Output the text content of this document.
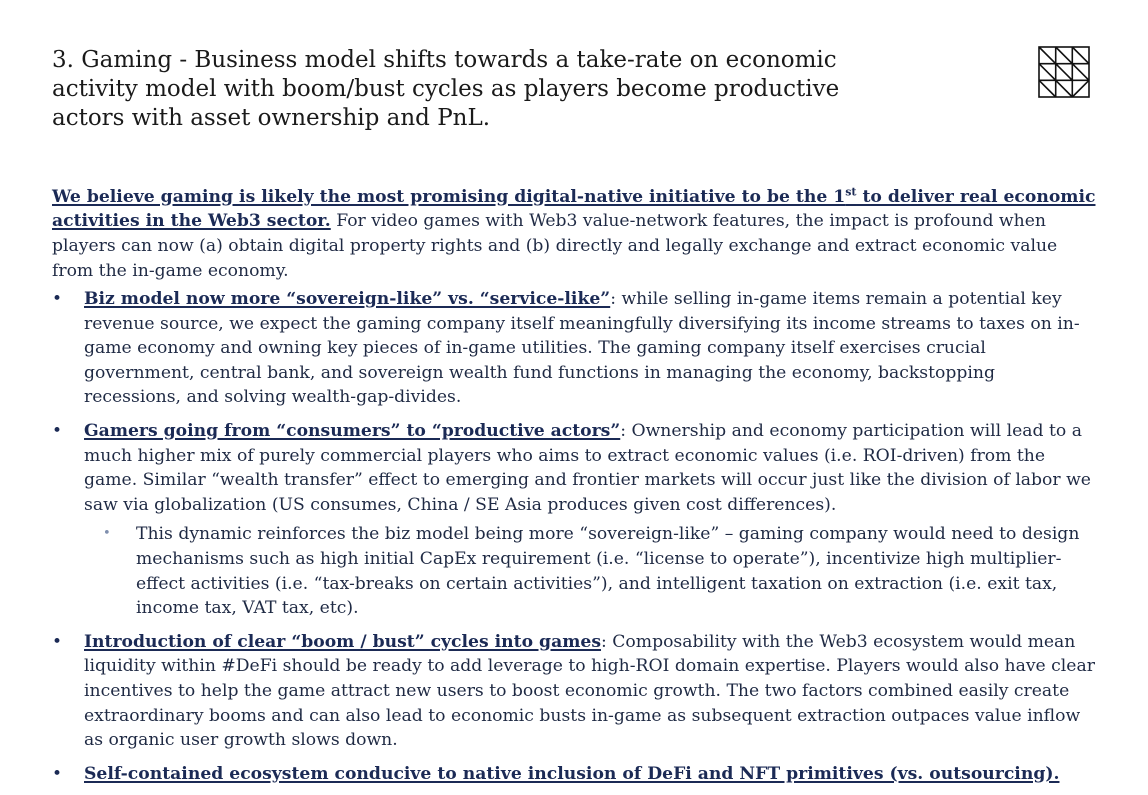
3. Gaming - Business model shifts towards a take-rate on economic activity model with boom/bust cycles as players become productive actors with asset ownership and PnL.

We believe gaming is likely the most promising digital-native initiative to be the 1st to deliver real economic activities in the Web3 sector. For video games with Web3 value-network features, the impact is profound when players can now (a) obtain digital property rights and (b) directly and legally exchange and extract economic value from the in-game economy.

• Biz model now more “sovereign-like” vs. “service-like”: while selling in-game items remain a potential key revenue source, we expect the gaming company itself meaningfully diversifying its income streams to taxes on in-game economy and owning key pieces of in-game utilities. The gaming company itself exercises crucial government, central bank, and sovereign wealth fund functions in managing the economy, backstopping recessions, and solving wealth-gap-divides.
• Gamers going from “consumers” to “productive actors”: Ownership and economy participation will lead to a much higher mix of purely commercial players who aims to extract economic values (i.e. ROI-driven) from the game. Similar “wealth transfer” effect to emerging and frontier markets will occur just like the division of labor we saw via globalization (US consumes, China / SE Asia produces given cost differences).
• This dynamic reinforces the biz model being more “sovereign-like” – gaming company would need to design mechanisms such as high initial CapEx requirement (i.e. “license to operate”), incentivize high multiplier-effect activities (i.e. “tax-breaks on certain activities”), and intelligent taxation on extraction (i.e. exit tax, income tax, VAT tax, etc).
• Introduction of clear “boom / bust” cycles into games: Composability with the Web3 ecosystem would mean liquidity within #DeFi should be ready to add leverage to high-ROI domain expertise. Players would also have clear incentives to help the game attract new users to boost economic growth. The two factors combined easily create extraordinary booms and can also lead to economic busts in-game as subsequent extraction outpaces value inflow as organic user growth slows down.
• Self-contained ecosystem conducive to native inclusion of DeFi and NFT primitives (vs. outsourcing).
